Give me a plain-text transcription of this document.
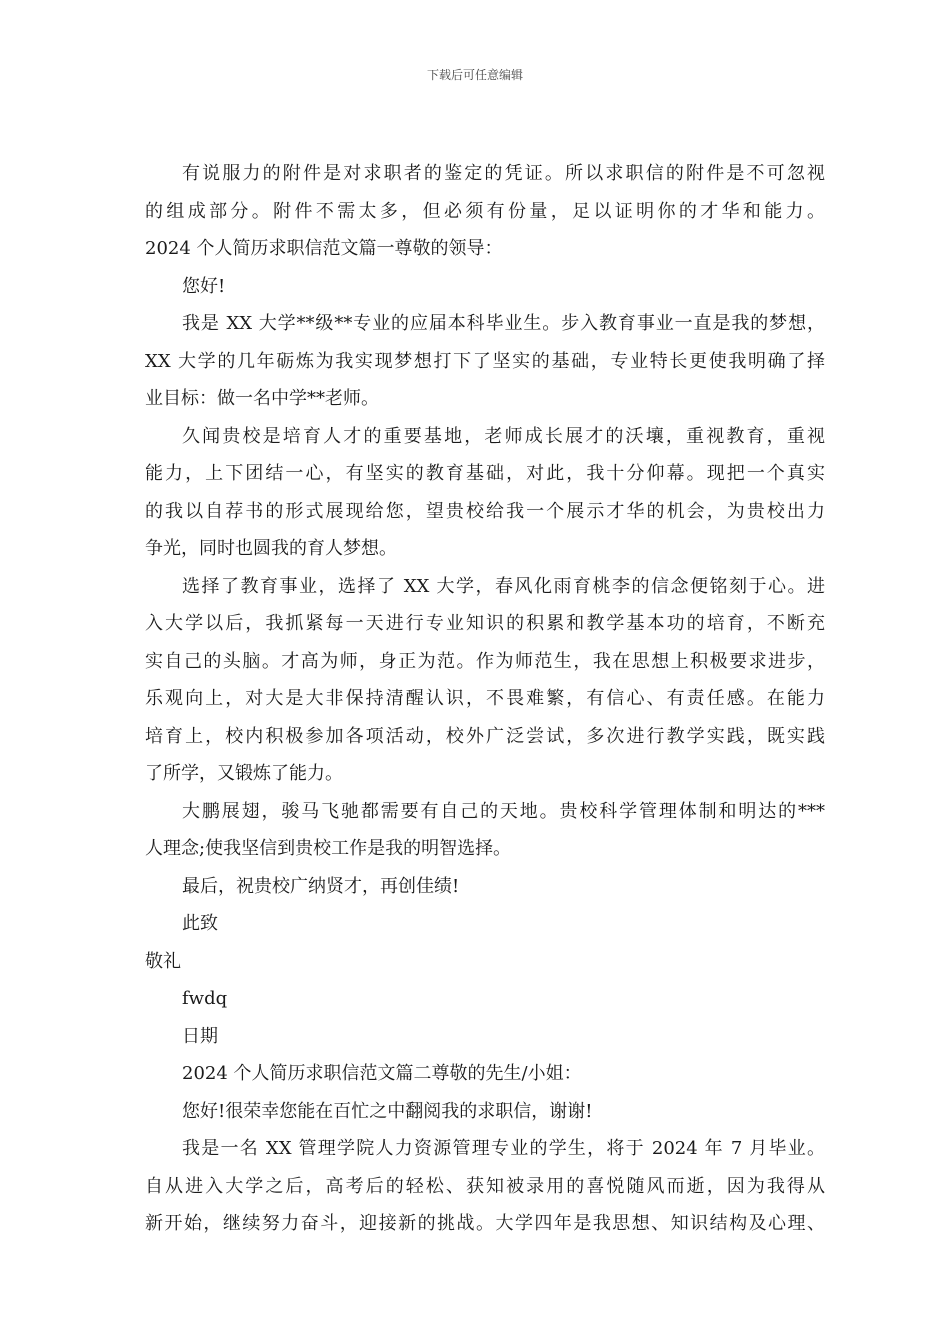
下载后可任意编辑
有说服力的附件是对求职者的鉴定的凭证。所以求职信的附件是不可忽视
的组成部分。附件不需太多，但必须有份量，足以证明你的才华和能力。
2024 个人简历求职信范文篇一尊敬的领导：
您好!
我是 XX 大学**级**专业的应届本科毕业生。步入教育事业一直是我的梦想，
XX 大学的几年砺炼为我实现梦想打下了坚实的基础，专业特长更使我明确了择
业目标：做一名中学**老师。
久闻贵校是培育人才的重要基地，老师成长展才的沃壤，重视教育，重视
能力，上下团结一心，有坚实的教育基础，对此，我十分仰幕。现把一个真实
的我以自荐书的形式展现给您，望贵校给我一个展示才华的机会，为贵校出力
争光，同时也圆我的育人梦想。
选择了教育事业，选择了 XX 大学，春风化雨育桃李的信念便铭刻于心。进
入大学以后，我抓紧每一天进行专业知识的积累和教学基本功的培育，不断充
实自己的头脑。才高为师，身正为范。作为师范生，我在思想上积极要求进步，
乐观向上，对大是大非保持清醒认识，不畏难繁，有信心、有责任感。在能力
培育上，校内积极参加各项活动，校外广泛尝试，多次进行教学实践，既实践
了所学，又锻炼了能力。
大鹏展翅，骏马飞驰都需要有自己的天地。贵校科学管理体制和明达的***
人理念;使我坚信到贵校工作是我的明智选择。
最后，祝贵校广纳贤才，再创佳绩!
此致
敬礼
fwdq
日期
2024 个人简历求职信范文篇二尊敬的先生/小姐：
您好!很荣幸您能在百忙之中翻阅我的求职信，谢谢!
我是一名 XX 管理学院人力资源管理专业的学生，将于 2024 年 7 月毕业。
自从进入大学之后，高考后的轻松、获知被录用的喜悦随风而逝，因为我得从
新开始，继续努力奋斗，迎接新的挑战。大学四年是我思想、知识结构及心理、
